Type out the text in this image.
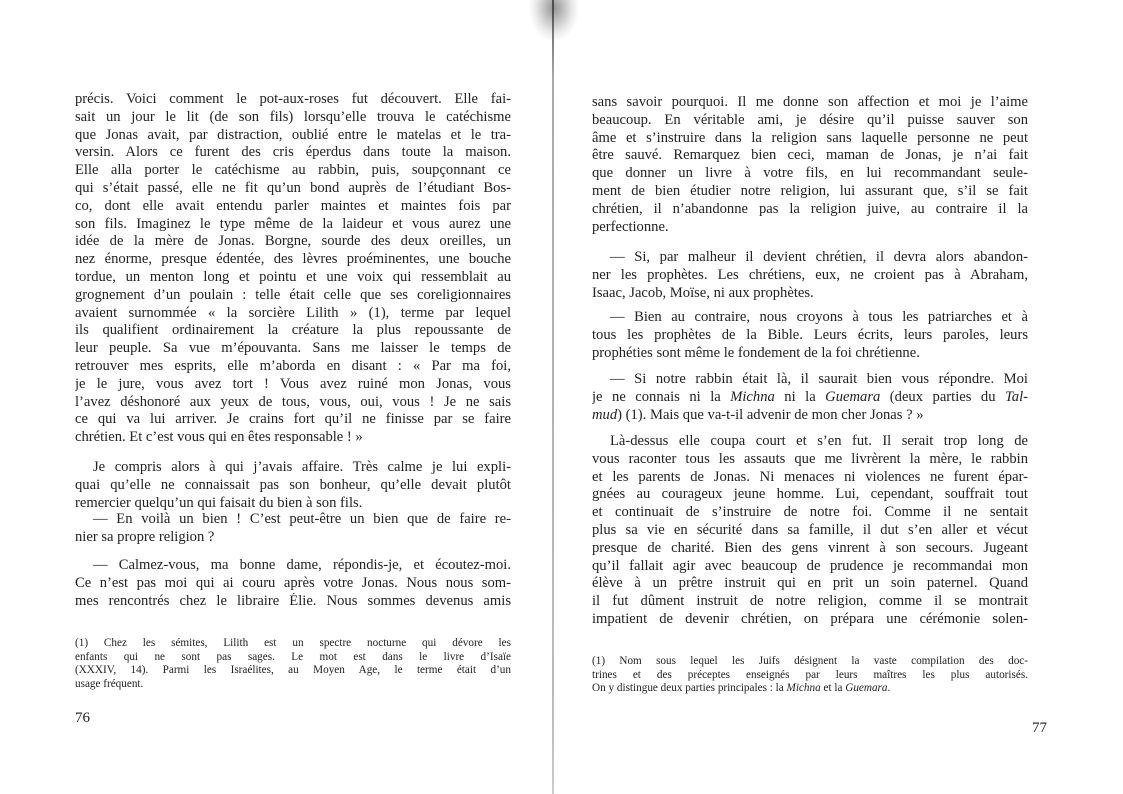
76
précis. Voici comment le pot-aux-roses fut découvert. Elle fai-
sait un jour le lit (de son fils) lorsqu’elle trouva le catéchisme
que Jonas avait, par distraction, oublié entre le matelas et le tra-
versin. Alors ce furent des cris éperdus dans toute la maison.
Elle alla porter le catéchisme au rabbin, puis, soupçonnant ce
qui s’était passé, elle ne fit qu’un bond auprès de l’étudiant Bos-
co, dont elle avait entendu parler maintes et maintes fois par
son fils. Imaginez le type même de la laideur et vous aurez une
idée de la mère de Jonas. Borgne, sourde des deux oreilles, un
nez énorme, presque édentée, des lèvres proéminentes, une bouche
tordue, un menton long et pointu et une voix qui ressemblait au
grognement d’un poulain : telle était celle que ses coreligionnaires
avaient surnommée « la sorcière Lilith » (1), terme par lequel
ils qualifient ordinairement la créature la plus repoussante de
leur peuple. Sa vue m’épouvanta. Sans me laisser le temps de
retrouver mes esprits, elle m’aborda en disant : « Par ma foi,
je le jure, vous avez tort ! Vous avez ruiné mon Jonas, vous
l’avez déshonoré aux yeux de tous, vous, oui, vous ! Je ne sais
ce qui va lui arriver. Je crains fort qu’il ne finisse par se faire
chrétien. Et c’est vous qui en êtes responsable ! »
Je compris alors à qui j’avais affaire. Très calme je lui expli-
quai qu’elle ne connaissait pas son bonheur, qu’elle devait plutôt
remercier quelqu’un qui faisait du bien à son fils.
— En voilà un bien ! C’est peut-être un bien que de faire re-
nier sa propre religion ?
— Calmez-vous, ma bonne dame, répondis-je, et écoutez-moi.
Ce n’est pas moi qui ai couru après votre Jonas. Nous nous som-
mes rencontrés chez le libraire Élie. Nous sommes devenus amis
(1) Chez les sémites, Lilith est un spectre nocturne qui dévore les
enfants qui ne sont pas sages. Le mot est dans le livre d’Isaïe
(XXXIV, 14). Parmi les Israélites, au Moyen Age, le terme était d’un
usage fréquent.
77
sans savoir pourquoi. Il me donne son affection et moi je l’aime
beaucoup. En véritable ami, je désire qu’il puisse sauver son
âme et s’instruire dans la religion sans laquelle personne ne peut
être sauvé. Remarquez bien ceci, maman de Jonas, je n’ai fait
que donner un livre à votre fils, en lui recommandant seule-
ment de bien étudier notre religion, lui assurant que, s’il se fait
chrétien, il n’abandonne pas la religion juive, au contraire il la
perfectionne.
— Si, par malheur il devient chrétien, il devra alors abandon-
ner les prophètes. Les chrétiens, eux, ne croient pas à Abraham,
Isaac, Jacob, Moïse, ni aux prophètes.
— Bien au contraire, nous croyons à tous les patriarches et à
tous les prophètes de la Bible. Leurs écrits, leurs paroles, leurs
prophéties sont même le fondement de la foi chrétienne.
— Si notre rabbin était là, il saurait bien vous répondre. Moi
je ne connais ni la Michna ni la Guemara (deux parties du Tal-
mud) (1). Mais que va-t-il advenir de mon cher Jonas ? »
Là-dessus elle coupa court et s’en fut. Il serait trop long de
vous raconter tous les assauts que me livrèrent la mère, le rabbin
et les parents de Jonas. Ni menaces ni violences ne furent épar-
gnées au courageux jeune homme. Lui, cependant, souffrait tout
et continuait de s’instruire de notre foi. Comme il ne sentait
plus sa vie en sécurité dans sa famille, il dut s’en aller et vécut
presque de charité. Bien des gens vinrent à son secours. Jugeant
qu’il fallait agir avec beaucoup de prudence je recommandai mon
élève à un prêtre instruit qui en prit un soin paternel. Quand
il fut dûment instruit de notre religion, comme il se montrait
impatient de devenir chrétien, on prépara une cérémonie solen-
(1) Nom sous lequel les Juifs désignent la vaste compilation des doc-
trines et des préceptes enseignés par leurs maîtres les plus autorisés.
On y distingue deux parties principales : la Michna et la Guemara.
